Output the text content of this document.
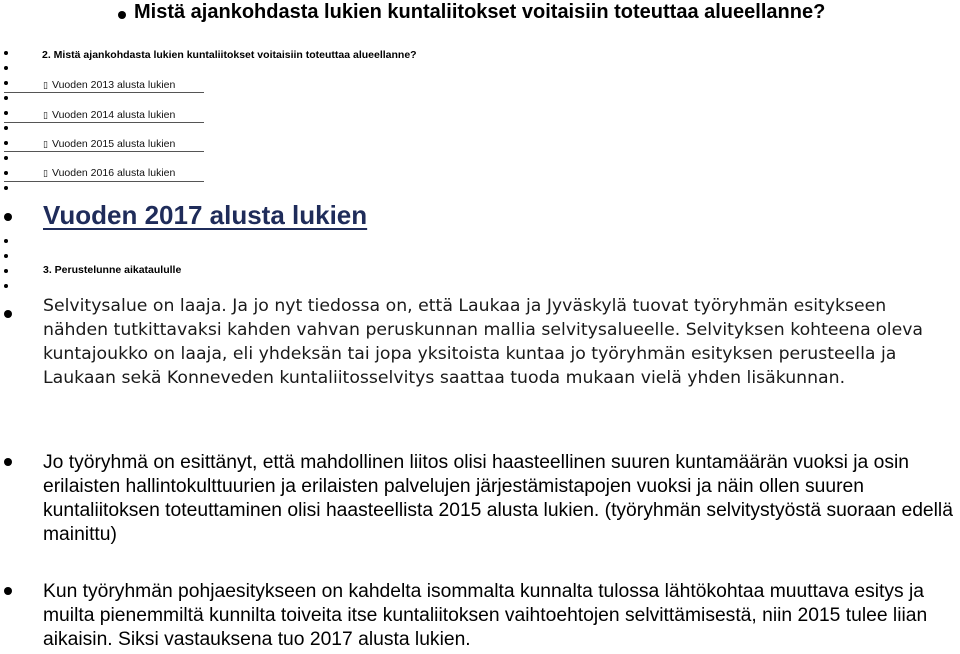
Mistä ajankohdasta lukien kuntaliitokset voitaisiin toteuttaa alueellanne?
2. Mistä ajankohdasta lukien kuntaliitokset voitaisiin toteuttaa alueellanne?
▯ Vuoden 2013 alusta lukien
▯ Vuoden 2014 alusta lukien
▯ Vuoden 2015 alusta lukien
▯ Vuoden 2016 alusta lukien
Vuoden 2017 alusta lukien
3. Perustelunne aikataululle
Selvitysalue on laaja. Ja jo nyt tiedossa on, että Laukaa ja Jyväskylä tuovat työryhmän esitykseen nähden tutkittavaksi kahden vahvan peruskunnan mallia selvitysalueelle. Selvityksen kohteena oleva kuntajoukko on laaja, eli yhdeksän tai jopa yksitoista kuntaa jo työryhmän esityksen perusteella ja Laukaan sekä Konneveden kuntaliitosselvitys saattaa tuoda mukaan vielä yhden lisäkunnan.
Jo työryhmä on esittänyt, että mahdollinen liitos olisi haasteellinen suuren kuntamäärän vuoksi ja osin erilaisten hallintokulttuurien ja erilaisten palvelujen järjestämistapojen vuoksi ja näin ollen suuren kuntaliitoksen toteuttaminen olisi haasteellista 2015 alusta lukien. (työryhmän selvitystyöstä suoraan edellä mainittu)
Kun työryhmän pohjaesitykseen on kahdelta isommalta kunnalta tulossa lähtökohtaa muuttava esitys ja muilta pienemmiltä kunnilta toiveita itse kuntaliitoksen vaihtoehtojen selvittämisestä, niin 2015 tulee liian aikaisin. Siksi vastauksena tuo 2017 alusta lukien.
